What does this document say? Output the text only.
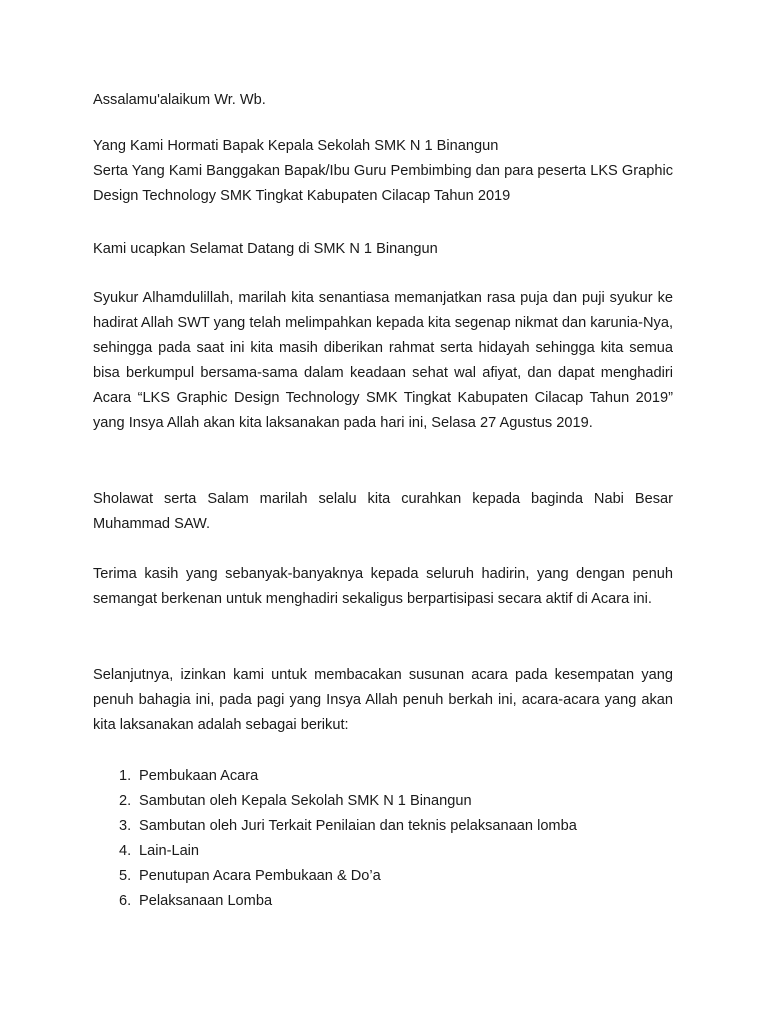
Assalamu'alaikum Wr. Wb.

Yang Kami Hormati Bapak Kepala Sekolah SMK N 1 Binangun

Serta Yang Kami Banggakan Bapak/Ibu Guru Pembimbing dan para peserta LKS Graphic Design Technology SMK Tingkat Kabupaten Cilacap Tahun 2019

Kami ucapkan Selamat Datang di SMK N 1 Binangun

Syukur Alhamdulillah, marilah kita senantiasa memanjatkan rasa puja dan puji syukur ke hadirat Allah SWT yang telah melimpahkan kepada kita segenap nikmat dan karunia-Nya, sehingga pada saat ini kita masih diberikan rahmat serta hidayah sehingga kita semua bisa berkumpul bersama-sama dalam keadaan sehat wal afiyat, dan dapat menghadiri Acara “LKS Graphic Design Technology SMK Tingkat Kabupaten Cilacap Tahun 2019” yang Insya Allah akan kita laksanakan pada hari ini, Selasa 27 Agustus 2019.

Sholawat serta Salam marilah selalu kita curahkan kepada baginda Nabi Besar Muhammad SAW.

Terima kasih yang sebanyak-banyaknya kepada seluruh hadirin, yang dengan penuh semangat berkenan untuk menghadiri sekaligus berpartisipasi secara aktif di Acara ini.

Selanjutnya, izinkan kami untuk membacakan susunan acara pada kesempatan yang penuh bahagia ini, pada pagi yang Insya Allah penuh berkah ini, acara-acara yang akan kita laksanakan adalah sebagai berikut:

1. Pembukaan Acara
2. Sambutan oleh Kepala Sekolah SMK N 1 Binangun
3. Sambutan oleh Juri Terkait Penilaian dan teknis pelaksanaan lomba
4. Lain-Lain
5. Penutupan Acara Pembukaan & Do’a
6. Pelaksanaan Lomba
